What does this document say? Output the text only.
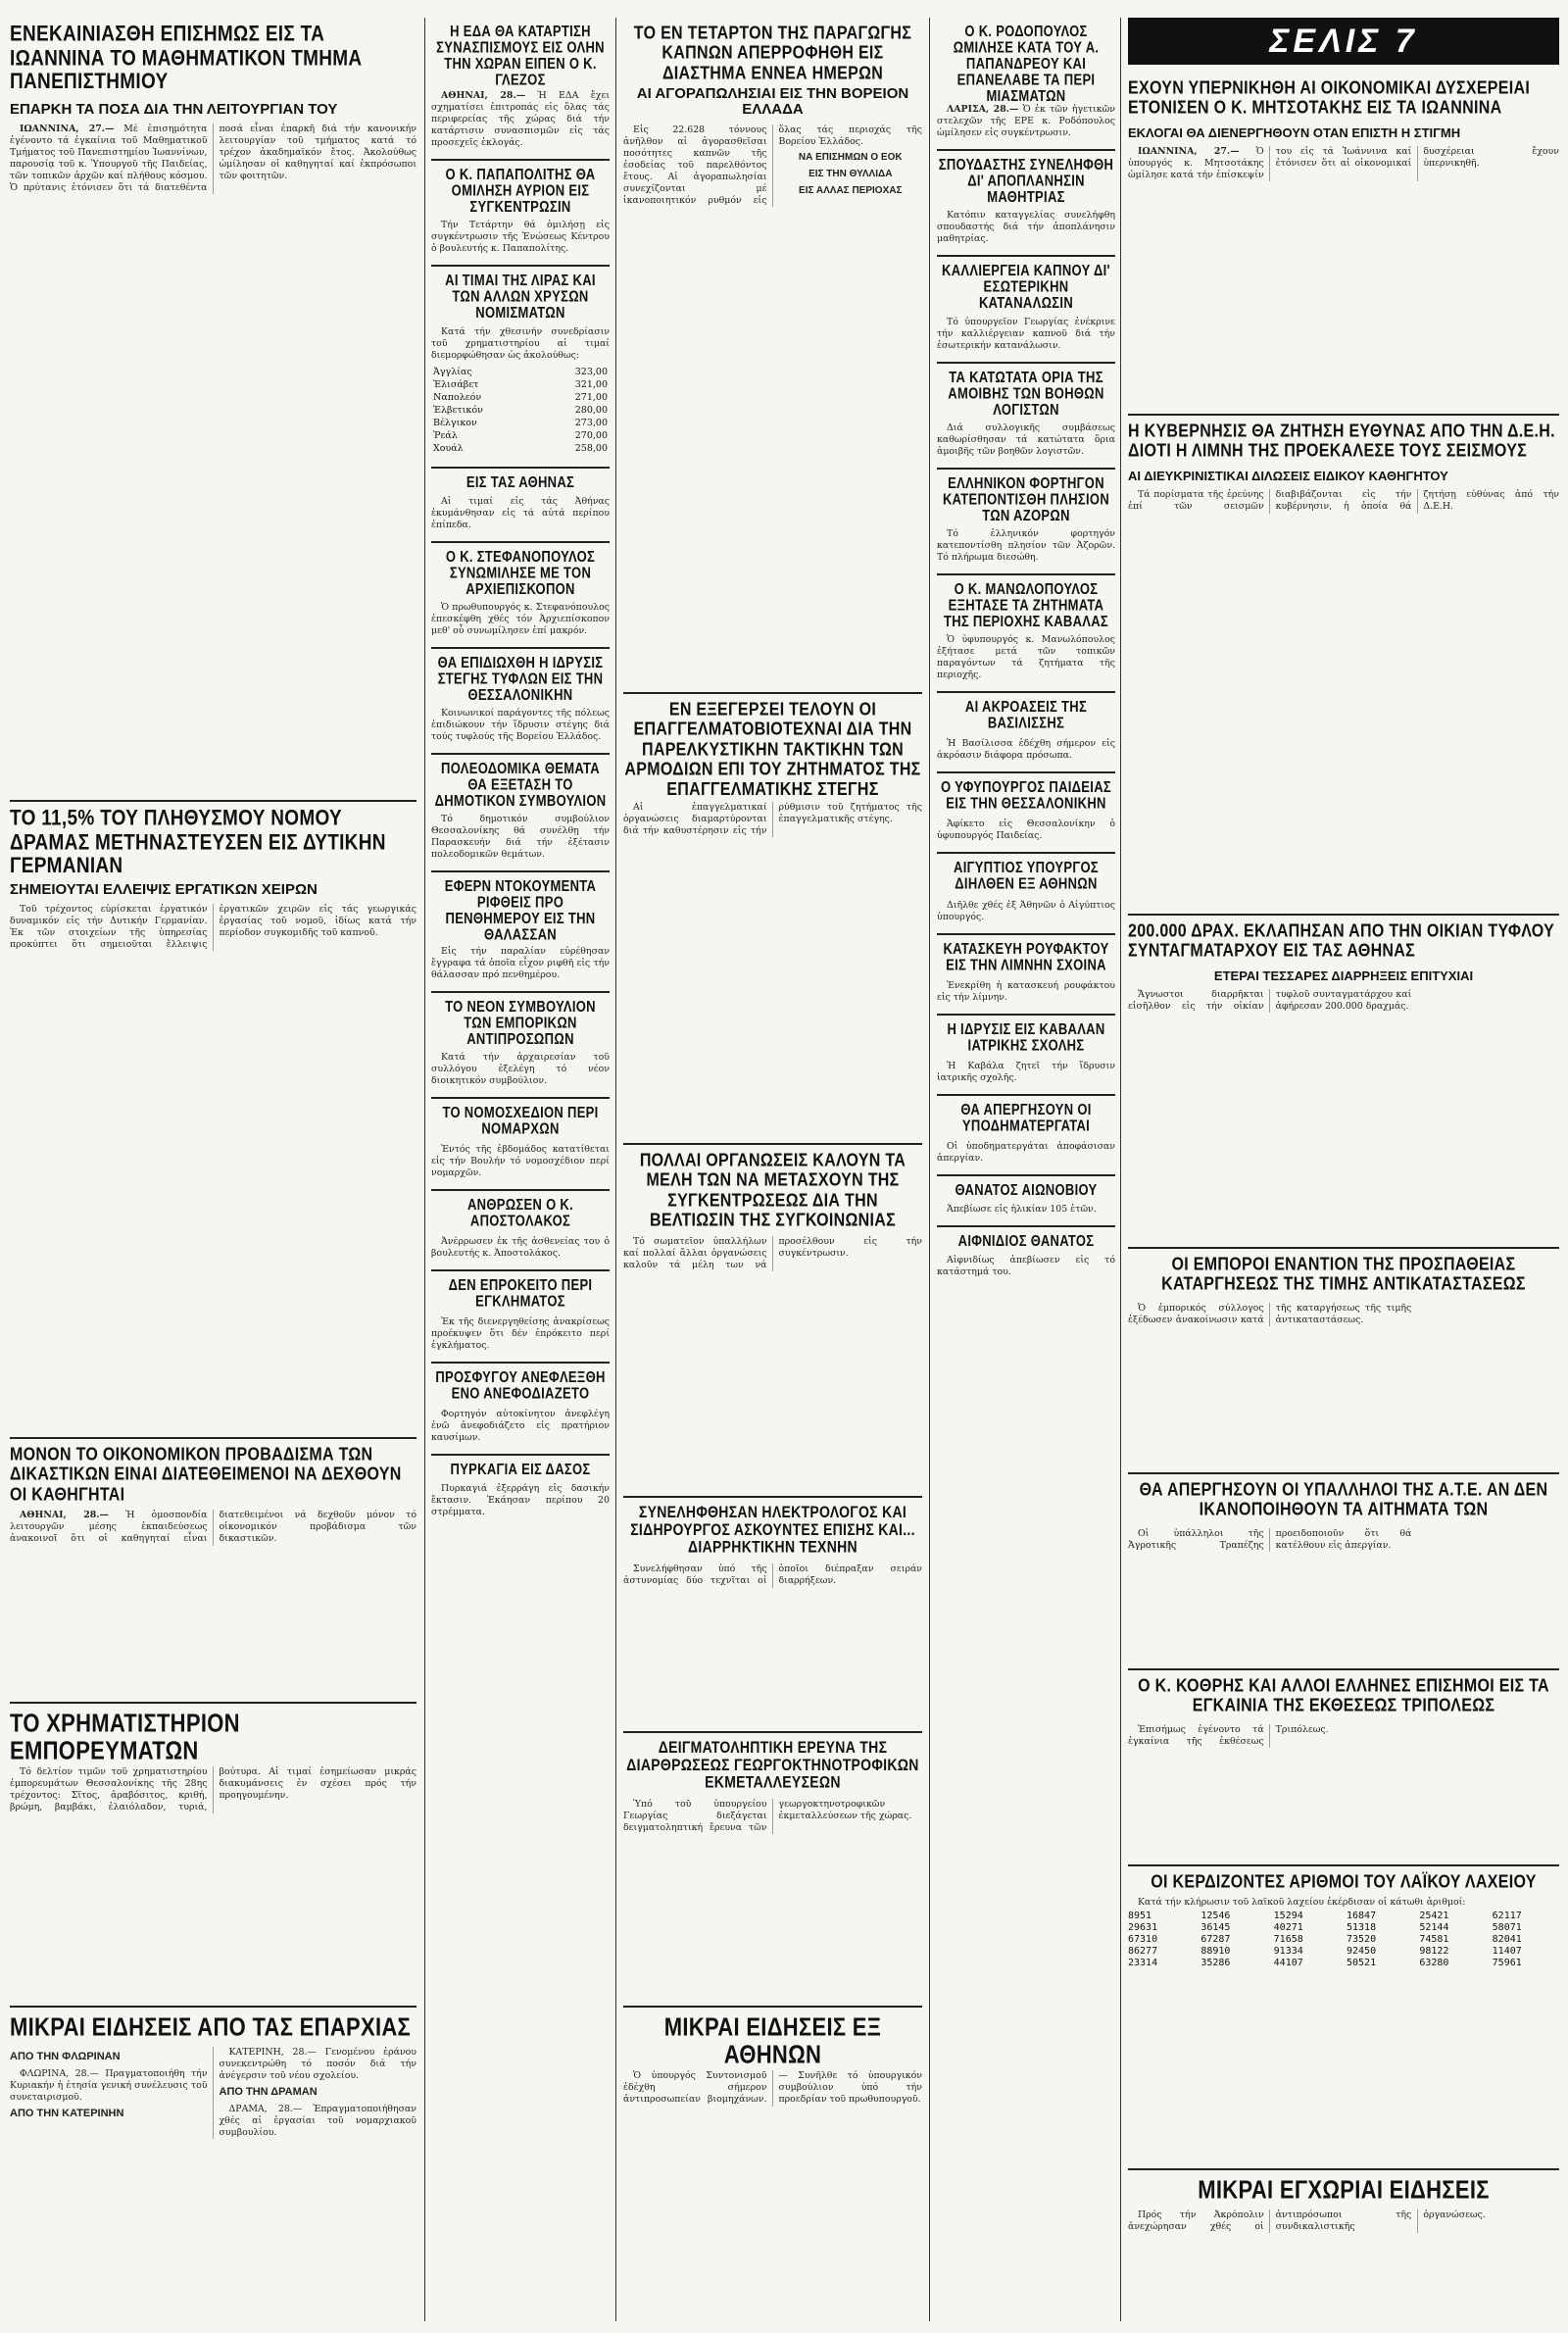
ΕΝΕΚΑΙΝΙΑΣΘΗ ΕΠΙΣΗΜΩΣ ΕΙΣ ΤΑ ΙΩΑΝΝΙΝΑ ΤΟ ΜΑΘΗΜΑΤΙΚΟΝ ΤΜΗΜΑ ΠΑΝΕΠΙΣΤΗΜΙΟΥ
ΕΠΑΡΚΗ ΤΑ ΠΟΣΑ ΔΙΑ ΤΗΝ ΛΕΙΤΟΥΡΓΙΑΝ ΤΟΥ

ΙΩΑΝΝΙΝΑ, 27.— Μέ ἐπισημότητα ἐγένοντο τά ἐγκαίνια τοῦ Μαθηματικοῦ Τμήματος τοῦ Πανεπιστημίου Ἰωαννίνων, παρουσίᾳ τοῦ κ. Ὑπουργοῦ τῆς Παιδείας, τῶν τοπικῶν ἀρχῶν καί πλήθους κόσμου. Ὁ πρύτανις ἐτόνισεν ὅτι τά διατεθέντα ποσά εἶναι ἐπαρκῆ διά τήν κανονικήν λειτουργίαν τοῦ τμήματος κατά τό τρέχον ἀκαδημαϊκόν ἔτος. Ἀκολούθως ὡμίλησαν οἱ καθηγηταί καί ἐκπρόσωποι τῶν φοιτητῶν.

ΤΟ 11,5% ΤΟΥ ΠΛΗΘΥΣΜΟΥ ΝΟΜΟΥ ΔΡΑΜΑΣ ΜΕΤΗΝΑΣΤΕΥΣΕΝ ΕΙΣ ΔΥΤΙΚΗΝ ΓΕΡΜΑΝΙΑΝ
ΣΗΜΕΙΟΥΤΑΙ ΕΛΛΕΙΨΙΣ ΕΡΓΑΤΙΚΩΝ ΧΕΙΡΩΝ

Τοῦ τρέχοντος εὑρίσκεται ἐργατικόν δυναμικόν εἰς τήν Δυτικήν Γερμανίαν. Ἐκ τῶν στοιχείων τῆς ὑπηρεσίας προκύπτει ὅτι σημειοῦται ἔλλειψις ἐργατικῶν χειρῶν εἰς τάς γεωργικάς ἐργασίας τοῦ νομοῦ, ἰδίως κατά τήν περίοδον συγκομιδῆς τοῦ καπνοῦ.

ΜΟΝΟΝ ΤΟ ΟΙΚΟΝΟΜΙΚΟΝ ΠΡΟΒΑΔΙΣΜΑ ΤΩΝ ΔΙΚΑΣΤΙΚΩΝ ΕΙΝΑΙ ΔΙΑΤΕΘΕΙΜΕΝΟΙ ΝΑ ΔΕΧΘΟΥΝ ΟΙ ΚΑΘΗΓΗΤΑΙ

ΑΘΗΝΑΙ, 28.— Ἡ ὁμοσπονδία λειτουργῶν μέσης ἐκπαιδεύσεως ἀνακοινοῖ ὅτι οἱ καθηγηταί εἶναι διατεθειμένοι νά δεχθοῦν μόνον τό οἰκονομικόν προβάδισμα τῶν δικαστικῶν.

ΤΟ ΧΡΗΜΑΤΙΣΤΗΡΙΟΝ ΕΜΠΟΡΕΥΜΑΤΩΝ

Τό δελτίον τιμῶν τοῦ χρηματιστηρίου ἐμπορευμάτων Θεσσαλονίκης τῆς 28ης τρέχοντος: Σῖτος, ἀραβόσιτος, κριθή, βρώμη, βαμβάκι, ἐλαιόλαδον, τυριά, βούτυρα. Αἱ τιμαί ἐσημείωσαν μικράς διακυμάνσεις ἐν σχέσει πρός τήν προηγουμένην.

ΜΙΚΡΑΙ ΕΙΔΗΣΕΙΣ ΑΠΟ ΤΑΣ ΕΠΑΡΧΙΑΣ
ΑΠΟ ΤΗΝ ΦΛΩΡΙΝΑΝ

ΦΛΩΡΙΝΑ, 28.— Πραγματοποιήθη τήν Κυριακήν ἡ ἐτησία γενική συνέλευσις τοῦ συνεταιρισμοῦ.

ΑΠΟ ΤΗΝ ΚΑΤΕΡΙΝΗΝ

ΚΑΤΕΡΙΝΗ, 28.— Γενομένου ἐράνου συνεκεντρώθη τό ποσόν διά τήν ἀνέγερσιν τοῦ νέου σχολείου.

ΑΠΟ ΤΗΝ ΔΡΑΜΑΝ

ΔΡΑΜΑ, 28.— Ἐπραγματοποιήθησαν χθές αἱ ἐργασίαι τοῦ νομαρχιακοῦ συμβουλίου.

Η ΕΔΑ ΘΑ ΚΑΤΑΡΤΙΣΗ ΣΥΝΑΣΠΙΣΜΟΥΣ ΕΙΣ ΟΛΗΝ ΤΗΝ ΧΩΡΑΝ ΕΙΠΕΝ Ο Κ. ΓΛΕΖΟΣ

ΑΘΗΝΑΙ, 28.— Ἡ ΕΔΑ ἔχει σχηματίσει ἐπιτροπάς εἰς ὅλας τάς περιφερείας τῆς χώρας διά τήν κατάρτισιν συνασπισμῶν εἰς τάς προσεχεῖς ἐκλογάς.

Ο Κ. ΠΑΠΑΠΟΛΙΤΗΣ ΘΑ ΟΜΙΛΗΣΗ ΑΥΡΙΟΝ ΕΙΣ ΣΥΓΚΕΝΤΡΩΣΙΝ

Τήν Τετάρτην θά ὁμιλήσῃ εἰς συγκέντρωσιν τῆς Ἑνώσεως Κέντρου ὁ βουλευτής κ. Παπαπολίτης.

ΑΙ ΤΙΜΑΙ ΤΗΣ ΛΙΡΑΣ ΚΑΙ ΤΩΝ ΑΛΛΩΝ ΧΡΥΣΩΝ ΝΟΜΙΣΜΑΤΩΝ

Κατά τήν χθεσινήν συνεδρίασιν τοῦ χρηματιστηρίου αἱ τιμαί διεμορφώθησαν ὡς ἀκολούθως:

Ἀγγλίας	323,00
Ἐλισάβετ	321,00
Ναπολεόν	271,00
Ἑλβετικόν	280,00
Βέλγικον	273,00
Ῥεάλ	270,00
Χουάλ	258,00
ΕΙΣ ΤΑΣ ΑΘΗΝΑΣ

Αἱ τιμαί εἰς τάς Ἀθήνας ἐκυμάνθησαν εἰς τά αὐτά περίπου ἐπίπεδα.

Ο Κ. ΣΤΕΦΑΝΟΠΟΥΛΟΣ ΣΥΝΩΜΙΛΗΣΕ ΜΕ ΤΟΝ ΑΡΧΙΕΠΙΣΚΟΠΟΝ

Ὁ πρωθυπουργός κ. Στεφανόπουλος ἐπεσκέφθη χθές τόν Ἀρχιεπίσκοπον μεθ' οὗ συνωμίλησεν ἐπί μακρόν.

ΘΑ ΕΠΙΔΙΩΧΘΗ Η ΙΔΡΥΣΙΣ ΣΤΕΓΗΣ ΤΥΦΛΩΝ ΕΙΣ ΤΗΝ ΘΕΣΣΑΛΟΝΙΚΗΝ

Κοινωνικοί παράγοντες τῆς πόλεως ἐπιδιώκουν τήν ἵδρυσιν στέγης διά τούς τυφλούς τῆς Βορείου Ἑλλάδος.

ΠΟΛΕΟΔΟΜΙΚΑ ΘΕΜΑΤΑ ΘΑ ΕΞΕΤΑΣΗ ΤΟ ΔΗΜΟΤΙΚΟΝ ΣΥΜΒΟΥΛΙΟΝ

Τό δημοτικόν συμβούλιον Θεσσαλονίκης θά συνέλθῃ τήν Παρασκευήν διά τήν ἐξέτασιν πολεοδομικῶν θεμάτων.

ΕΦΕΡΝ ΝΤΟΚΟΥΜΕΝΤΑ ΡΙΦΘΕΙΣ ΠΡΟ ΠΕΝΘΗΜΕΡΟΥ ΕΙΣ ΤΗΝ ΘΑΛΑΣΣΑΝ

Εἰς τήν παραλίαν εὑρέθησαν ἔγγραφα τά ὁποῖα εἶχον ριφθῆ εἰς τήν θάλασσαν πρό πενθημέρου.

ΤΟ ΝΕΟΝ ΣΥΜΒΟΥΛΙΟΝ ΤΩΝ ΕΜΠΟΡΙΚΩΝ ΑΝΤΙΠΡΟΣΩΠΩΝ

Κατά τήν ἀρχαιρεσίαν τοῦ συλλόγου ἐξελέγη τό νέον διοικητικόν συμβούλιον.

ΤΟ ΝΟΜΟΣΧΕΔΙΟΝ ΠΕΡΙ ΝΟΜΑΡΧΩΝ

Ἐντός τῆς ἑβδομάδος κατατίθεται εἰς τήν Βουλήν τό νομοσχέδιον περί νομαρχῶν.

ΑΝΘΡΩΣΕΝ Ο Κ. ΑΠΟΣΤΟΛΑΚΟΣ

Ἀνέρρωσεν ἐκ τῆς ἀσθενείας του ὁ βουλευτής κ. Ἀποστολάκος.

ΔΕΝ ΕΠΡΟΚΕΙΤΟ ΠΕΡΙ ΕΓΚΛΗΜΑΤΟΣ

Ἐκ τῆς διενεργηθείσης ἀνακρίσεως προέκυψεν ὅτι δέν ἐπρόκειτο περί ἐγκλήματος.

ΠΡΟΣΦΥΓΟΥ ΑΝΕΦΛΕΞΘΗ ΕΝΟ ΑΝΕΦΟΔΙΑΖΕΤΟ

Φορτηγόν αὐτοκίνητον ἀνεφλέγη ἐνῶ ἀνεφοδιάζετο εἰς πρατήριον καυσίμων.

ΠΥΡΚΑΓΙΑ ΕΙΣ ΔΑΣΟΣ

Πυρκαγιά ἐξερράγη εἰς δασικήν ἔκτασιν. Ἐκάησαν περίπου 20 στρέμματα.

ΤΟ ΕΝ ΤΕΤΑΡΤΟΝ ΤΗΣ ΠΑΡΑΓΩΓΗΣ ΚΑΠΝΩΝ ΑΠΕΡΡΟΦΗΘΗ ΕΙΣ ΔΙΑΣΤΗΜΑ ΕΝΝΕΑ ΗΜΕΡΩΝ
ΑΙ ΑΓΟΡΑΠΩΛΗΣΙΑΙ ΕΙΣ ΤΗΝ ΒΟΡΕΙΟΝ ΕΛΛΑΔΑ

Εἰς 22.628 τόννους ἀνῆλθον αἱ ἀγορασθεῖσαι ποσότητες καπνῶν τῆς ἐσοδείας τοῦ παρελθόντος ἔτους. Αἱ ἀγοραπωλησίαι συνεχίζονται μέ ἱκανοποιητικόν ρυθμόν εἰς ὅλας τάς περιοχάς τῆς Βορείου Ἑλλάδος.

ΝΑ ΕΠΙΣΗΜΩΝ Ο ΕΟΚ
ΕΙΣ ΤΗΝ ΘΥΛΛΙΔΑ
ΕΙΣ ΑΛΛΑΣ ΠΕΡΙΟΧΑΣ
ΕΝ ΕΞΕΓΕΡΣΕΙ ΤΕΛΟΥΝ ΟΙ ΕΠΑΓΓΕΛΜΑΤΟΒΙΟΤΕΧΝΑΙ ΔΙΑ ΤΗΝ ΠΑΡΕΛΚΥΣΤΙΚΗΝ ΤΑΚΤΙΚΗΝ ΤΩΝ ΑΡΜΟΔΙΩΝ ΕΠΙ ΤΟΥ ΖΗΤΗΜΑΤΟΣ ΤΗΣ ΕΠΑΓΓΕΛΜΑΤΙΚΗΣ ΣΤΕΓΗΣ

Αἱ ἐπαγγελματικαί ὀργανώσεις διαμαρτύρονται διά τήν καθυστέρησιν εἰς τήν ρύθμισιν τοῦ ζητήματος τῆς ἐπαγγελματικῆς στέγης.

ΠΟΛΛΑΙ ΟΡΓΑΝΩΣΕΙΣ ΚΑΛΟΥΝ ΤΑ ΜΕΛΗ ΤΩΝ ΝΑ ΜΕΤΑΣΧΟΥΝ ΤΗΣ ΣΥΓΚΕΝΤΡΩΣΕΩΣ ΔΙΑ ΤΗΝ ΒΕΛΤΙΩΣΙΝ ΤΗΣ ΣΥΓΚΟΙΝΩΝΙΑΣ

Τό σωματεῖον ὑπαλλήλων καί πολλαί ἄλλαι ὀργανώσεις καλοῦν τά μέλη των νά προσέλθουν εἰς τήν συγκέντρωσιν.

ΣΥΝΕΛΗΦΘΗΣΑΝ ΗΛΕΚΤΡΟΛΟΓΟΣ ΚΑΙ ΣΙΔΗΡΟΥΡΓΟΣ ΑΣΚΟΥΝΤΕΣ ΕΠΙΣΗΣ ΚΑΙ... ΔΙΑΡΡΗΚΤΙΚΗΝ ΤΕΧΝΗΝ

Συνελήφθησαν ὑπό τῆς ἀστυνομίας δύο τεχνῖται οἱ ὁποῖοι διέπραξαν σειράν διαρρήξεων.

ΔΕΙΓΜΑΤΟΛΗΠΤΙΚΗ ΕΡΕΥΝΑ ΤΗΣ ΔΙΑΡΘΡΩΣΕΩΣ ΓΕΩΡΓΟΚΤΗΝΟΤΡΟΦΙΚΩΝ ΕΚΜΕΤΑΛΛΕΥΣΕΩΝ

Ὑπό τοῦ ὑπουργείου Γεωργίας διεξάγεται δειγματοληπτική ἔρευνα τῶν γεωργοκτηνοτροφικῶν ἐκμεταλλεύσεων τῆς χώρας.

ΜΙΚΡΑΙ ΕΙΔΗΣΕΙΣ ΕΞ ΑΘΗΝΩΝ

Ὁ ὑπουργός Συντονισμοῦ ἐδέχθη σήμερον ἀντιπροσωπείαν βιομηχάνων. — Συνῆλθε τό ὑπουργικόν συμβούλιον ὑπό τήν προεδρίαν τοῦ πρωθυπουργοῦ.

Ο Κ. ΡΟΔΟΠΟΥΛΟΣ ΩΜΙΛΗΣΕ ΚΑΤΑ ΤΟΥ Α. ΠΑΠΑΝΔΡΕΟΥ ΚΑΙ ΕΠΑΝΕΛΑΒΕ ΤΑ ΠΕΡΙ ΜΙΑΣΜΑΤΩΝ

ΛΑΡΙΣΑ, 28.— Ὁ ἐκ τῶν ἡγετικῶν στελεχῶν τῆς ΕΡΕ κ. Ροδόπουλος ὡμίλησεν εἰς συγκέντρωσιν.

ΣΠΟΥΔΑΣΤΗΣ ΣΥΝΕΛΗΦΘΗ ΔΙ' ΑΠΟΠΛΑΝΗΣΙΝ ΜΑΘΗΤΡΙΑΣ

Κατόπιν καταγγελίας συνελήφθη σπουδαστής διά τήν ἀποπλάνησιν μαθητρίας.

ΚΑΛΛΙΕΡΓΕΙΑ ΚΑΠΝΟΥ ΔΙ' ΕΣΩΤΕΡΙΚΗΝ ΚΑΤΑΝΑΛΩΣΙΝ

Τό ὑπουργεῖον Γεωργίας ἐνέκρινε τήν καλλιέργειαν καπνοῦ διά τήν ἐσωτερικήν κατανάλωσιν.

ΤΑ ΚΑΤΩΤΑΤΑ ΟΡΙΑ ΤΗΣ ΑΜΟΙΒΗΣ ΤΩΝ ΒΟΗΘΩΝ ΛΟΓΙΣΤΩΝ

Διά συλλογικῆς συμβάσεως καθωρίσθησαν τά κατώτατα ὅρια ἀμοιβῆς τῶν βοηθῶν λογιστῶν.

ΕΛΛΗΝΙΚΟΝ ΦΟΡΤΗΓΟΝ ΚΑΤΕΠΟΝΤΙΣΘΗ ΠΛΗΣΙΟΝ ΤΩΝ ΑΖΟΡΩΝ

Τό ἑλληνικόν φορτηγόν κατεποντίσθη πλησίον τῶν Ἀζορῶν. Τό πλήρωμα διεσώθη.

Ο Κ. ΜΑΝΩΛΟΠΟΥΛΟΣ ΕΞΗΤΑΣΕ ΤΑ ΖΗΤΗΜΑΤΑ ΤΗΣ ΠΕΡΙΟΧΗΣ ΚΑΒΑΛΑΣ

Ὁ ὑφυπουργός κ. Μανωλόπουλος ἐξήτασε μετά τῶν τοπικῶν παραγόντων τά ζητήματα τῆς περιοχῆς.

ΑΙ ΑΚΡΟΑΣΕΙΣ ΤΗΣ ΒΑΣΙΛΙΣΣΗΣ

Ἡ Βασίλισσα ἐδέχθη σήμερον εἰς ἀκρόασιν διάφορα πρόσωπα.

Ο ΥΦΥΠΟΥΡΓΟΣ ΠΑΙΔΕΙΑΣ ΕΙΣ ΤΗΝ ΘΕΣΣΑΛΟΝΙΚΗΝ

Ἀφίκετο εἰς Θεσσαλονίκην ὁ ὑφυπουργός Παιδείας.

ΑΙΓΥΠΤΙΟΣ ΥΠΟΥΡΓΟΣ ΔΙΗΛΘΕΝ ΕΞ ΑΘΗΝΩΝ

Διῆλθε χθές ἐξ Ἀθηνῶν ὁ Αἰγύπτιος ὑπουργός.

ΚΑΤΑΣΚΕΥΗ ΡΟΥΦΑΚΤΟΥ ΕΙΣ ΤΗΝ ΛΙΜΝΗΝ ΣΧΟΙΝΑ

Ἐνεκρίθη ἡ κατασκευή ρουφάκτου εἰς τήν λίμνην.

Η ΙΔΡΥΣΙΣ ΕΙΣ ΚΑΒΑΛΑΝ ΙΑΤΡΙΚΗΣ ΣΧΟΛΗΣ

Ἡ Καβάλα ζητεῖ τήν ἵδρυσιν ἰατρικῆς σχολῆς.

ΘΑ ΑΠΕΡΓΗΣΟΥΝ ΟΙ ΥΠΟΔΗΜΑΤΕΡΓΑΤΑΙ

Οἱ ὑποδηματεργάται ἀποφάσισαν ἀπεργίαν.

ΘΑΝΑΤΟΣ ΑΙΩΝΟΒΙΟΥ

Ἀπεβίωσε εἰς ἡλικίαν 105 ἐτῶν.

ΑΙΦΝΙΔΙΟΣ ΘΑΝΑΤΟΣ

Αἰφνιδίως ἀπεβίωσεν εἰς τό κατάστημά του.

ΣΕΛΙΣ 7
ΕΧΟΥΝ ΥΠΕΡΝΙΚΗΘΗ ΑΙ ΟΙΚΟΝΟΜΙΚΑΙ ΔΥΣΧΕΡΕΙΑΙ ΕΤΟΝΙΣΕΝ Ο Κ. ΜΗΤΣΟΤΑΚΗΣ ΕΙΣ ΤΑ ΙΩΑΝΝΙΝΑ
ΕΚΛΟΓΑΙ ΘΑ ΔΙΕΝΕΡΓΗΘΟΥΝ ΟΤΑΝ ΕΠΙΣΤΗ Η ΣΤΙΓΜΗ

ΙΩΑΝΝΙΝΑ, 27.— Ὁ ὑπουργός κ. Μητσοτάκης ὡμίλησε κατά τήν ἐπίσκεψίν του εἰς τά Ἰωάννινα καί ἐτόνισεν ὅτι αἱ οἰκονομικαί δυσχέρειαι ἔχουν ὑπερνικηθῆ.

Η ΚΥΒΕΡΝΗΣΙΣ ΘΑ ΖΗΤΗΣΗ ΕΥΘΥΝΑΣ ΑΠΟ ΤΗΝ Δ.Ε.Η. ΔΙΟΤΙ Η ΛΙΜΝΗ ΤΗΣ ΠΡΟΕΚΑΛΕΣΕ ΤΟΥΣ ΣΕΙΣΜΟΥΣ
ΑΙ ΔΙΕΥΚΡΙΝΙΣΤΙΚΑΙ ΔΙΛΩΣΕΙΣ ΕΙΔΙΚΟΥ ΚΑΘΗΓΗΤΟΥ

Τά πορίσματα τῆς ἐρεύνης ἐπί τῶν σεισμῶν διαβιβάζονται εἰς τήν κυβέρνησιν, ἡ ὁποία θά ζητήσῃ εὐθύνας ἀπό τήν Δ.Ε.Η.

200.000 ΔΡΑΧ. ΕΚΛΑΠΗΣΑΝ ΑΠΟ ΤΗΝ ΟΙΚΙΑΝ ΤΥΦΛΟΥ ΣΥΝΤΑΓΜΑΤΑΡΧΟΥ ΕΙΣ ΤΑΣ ΑΘΗΝΑΣ
ΕΤΕΡΑΙ ΤΕΣΣΑΡΕΣ ΔΙΑΡΡΗΞΕΙΣ ΕΠΙΤΥΧΙΑΙ

Ἄγνωστοι διαρρῆκται εἰσῆλθον εἰς τήν οἰκίαν τυφλοῦ συνταγματάρχου καί ἀφήρεσαν 200.000 δραχμάς.

ΟΙ ΕΜΠΟΡΟΙ ΕΝΑΝΤΙΟΝ ΤΗΣ ΠΡΟΣΠΑΘΕΙΑΣ ΚΑΤΑΡΓΗΣΕΩΣ ΤΗΣ ΤΙΜΗΣ ΑΝΤΙΚΑΤΑΣΤΑΣΕΩΣ

Ὁ ἐμπορικός σύλλογος ἐξέδωσεν ἀνακοίνωσιν κατά τῆς καταργήσεως τῆς τιμῆς ἀντικαταστάσεως.

ΘΑ ΑΠΕΡΓΗΣΟΥΝ ΟΙ ΥΠΑΛΛΗΛΟΙ ΤΗΣ Α.Τ.Ε. ΑΝ ΔΕΝ ΙΚΑΝΟΠΟΙΗΘΟΥΝ ΤΑ ΑΙΤΗΜΑΤΑ ΤΩΝ

Οἱ ὑπάλληλοι τῆς Ἀγροτικῆς Τραπέζης προειδοποιοῦν ὅτι θά κατέλθουν εἰς ἀπεργίαν.

Ο Κ. ΚΟΘΡΗΣ ΚΑΙ ΑΛΛΟΙ ΕΛΛΗΝΕΣ ΕΠΙΣΗΜΟΙ ΕΙΣ ΤΑ ΕΓΚΑΙΝΙΑ ΤΗΣ ΕΚΘΕΣΕΩΣ ΤΡΙΠΟΛΕΩΣ

Ἐπισήμως ἐγένοντο τά ἐγκαίνια τῆς ἐκθέσεως Τριπόλεως.

ΟΙ ΚΕΡΔΙΖΟΝΤΕΣ ΑΡΙΘΜΟΙ ΤΟΥ ΛΑΪΚΟΥ ΛΑΧΕΙΟΥ

Κατά τήν κλήρωσιν τοῦ λαϊκοῦ λαχείου ἐκέρδισαν οἱ κάτωθι ἀριθμοί:

8951	12546	15294	16847	25421	62117
29631	36145	40271	51318	52144	58071
67310	67287	71658	73520	74581	82041
86277	88910	91334	92450	98122	11407
23314	35286	44107	50521	63280	75961
ΜΙΚΡΑΙ ΕΓΧΩΡΙΑΙ ΕΙΔΗΣΕΙΣ

Πρός τήν Ἀκρόπολιν ἀνεχώρησαν χθές οἱ ἀντιπρόσωποι τῆς συνδικαλιστικῆς ὀργανώσεως.
